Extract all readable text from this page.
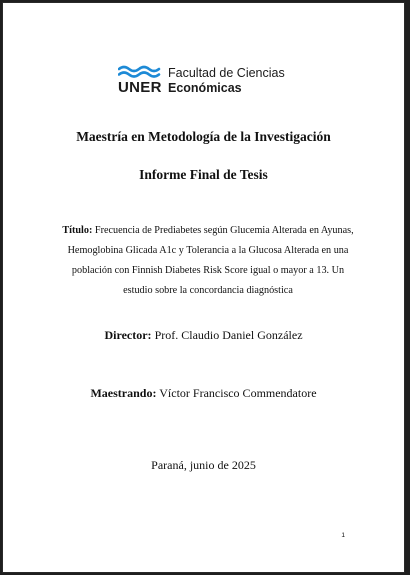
UNER
Facultad de Ciencias
Económicas
Maestría en Metodología de la Investigación
Informe Final de Tesis
Título: Frecuencia de Prediabetes según Glucemia Alterada en Ayunas, Hemoglobina Glicada A1c y Tolerancia a la Glucosa Alterada en una población con Finnish Diabetes Risk Score igual o mayor a 13. Un estudio sobre la concordancia diagnóstica
Director: Prof. Claudio Daniel González
Maestrando: Víctor Francisco Commendatore
Paraná, junio de 2025
1
